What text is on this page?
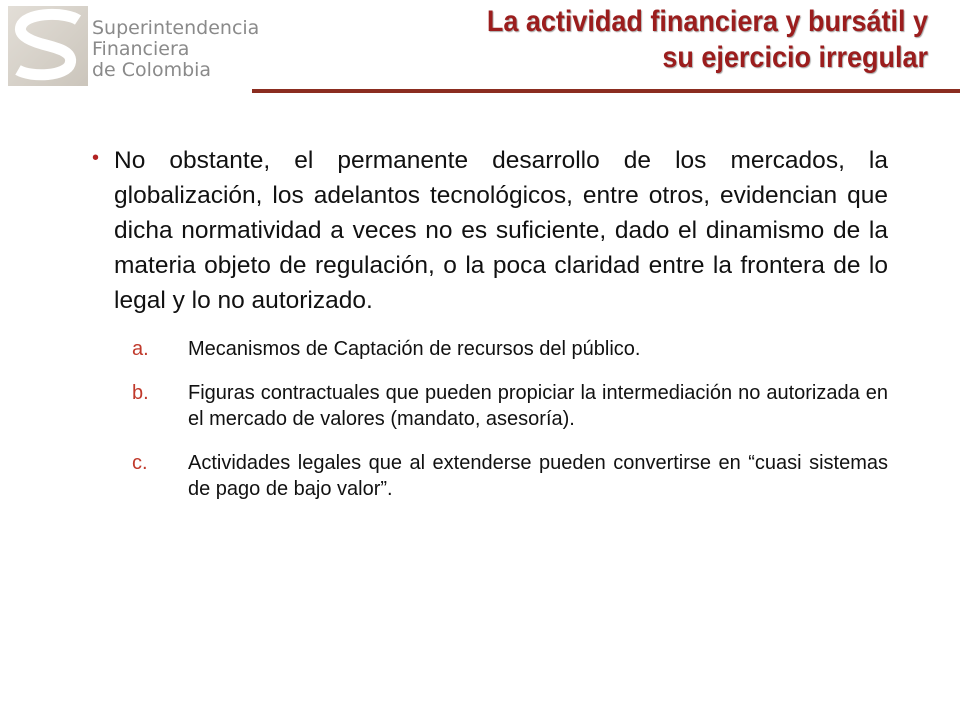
Superintendencia
Financiera
de Colombia
La actividad financiera y bursátil y
su ejercicio irregular
• No obstante, el permanente desarrollo de los mercados, la globalización, los adelantos tecnológicos, entre otros, evidencian que dicha normatividad a veces no es suficiente, dado el dinamismo de la materia objeto de regulación, o la poca claridad entre la frontera de lo legal y lo no autorizado.
a. Mecanismos de Captación de recursos del público.
b. Figuras contractuales que pueden propiciar la intermediación no autorizada en el mercado de valores (mandato, asesoría).
c. Actividades legales que al extenderse pueden convertirse en “cuasi sistemas de pago de bajo valor”.
